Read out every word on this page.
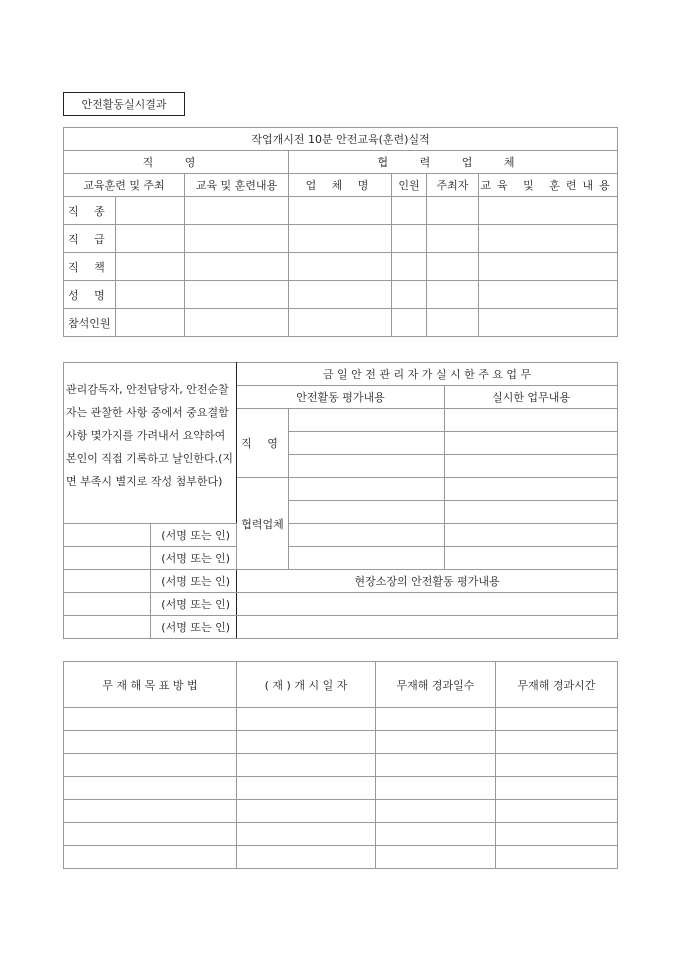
안전활동실시결과
작업개시전 10분 안전교육(훈련)실적						
직 영			협 력 업 체			
교육훈련 및 주최		교육 및 훈련내용	업 체 명	인원	주최자	교육 및 훈련내용
직 종						
직 급						
직 책						
성 명						
참석인원						
관리감독자, 안전담당자, 안전순찰자는 관찰한 사항 중에서 중요결함사항 몇가지를 가려내서 요약하여 본인이 직접 기록하고 날인한다.(지면 부족시 별지로 작성 첨부한다)		금 일 안 전 관 리 자 가 실 시 한 주 요 업 무		
		안전활동 평가내용		실시한 업무내용
		직 영		

		협력업체		

	(서명 또는 인)			
	(서명 또는 인)			
	(서명 또는 인)	현장소장의 안전활동 평가내용		
	(서명 또는 인)			
	(서명 또는 인)			
무 재 해 목 표 방 법	( 재 ) 개 시 일 자	무재해 경과일수	무재해 경과시간
